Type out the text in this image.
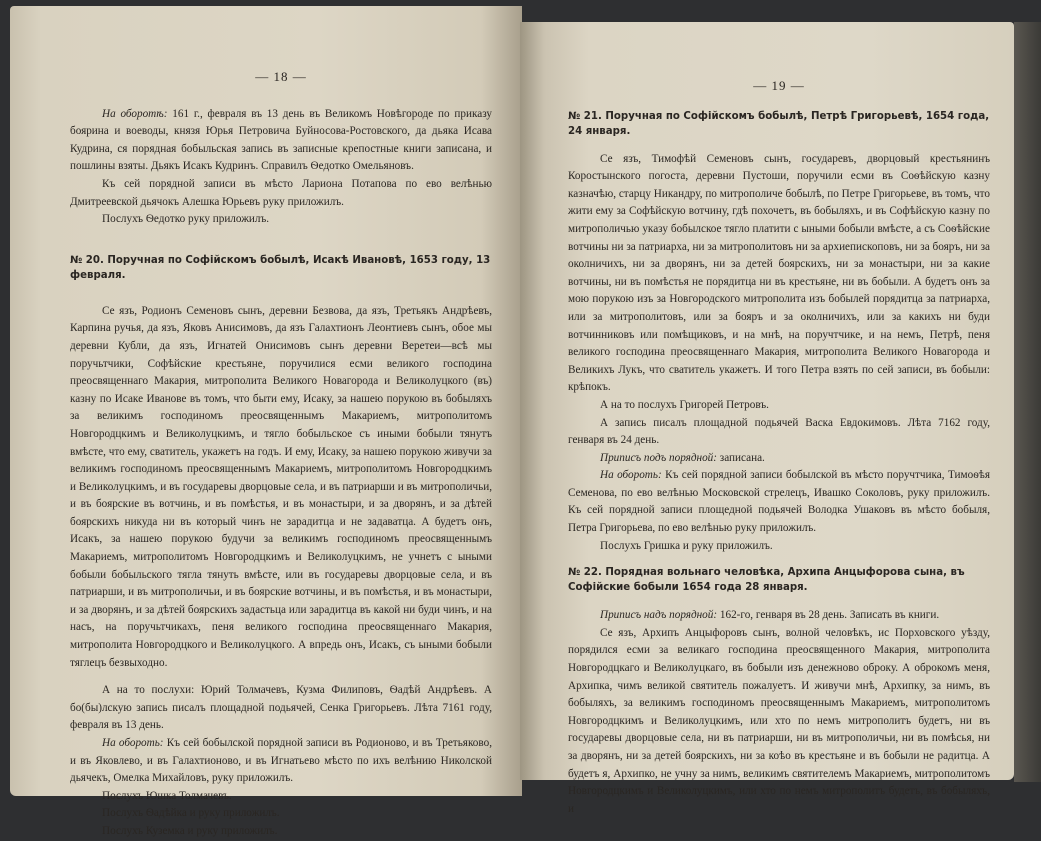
— 18 —

На оборотѣ: 161 г., февраля въ 13 день въ Великомъ Новѣгороде по приказу боярина и воеводы, князя Юрья Петровича Буйносова-Ростовского, да дьяка Исава Кудрина, ся порядная бобыльская запись въ записные крепостные книги записана, и пошлины взяты. Дьякъ Исакъ Кудринъ. Справилъ Ѳедотко Омельяновъ.

Къ сей порядной записи въ мѣсто Лариона Потапова по ево велѣнью Дмитреевской дьячокъ Алешка Юрьевъ руку приложилъ.

Послухъ Ѳедотко руку приложилъ.

№ 20. Поручная по Софійскомъ бобылѣ, Исакѣ Ивановѣ, 1653 году, 13 февраля.

Се язъ, Родионъ Семеновъ сынъ, деревни Безвова, да язъ, Третьякъ Андрѣевъ, Карпина ручья, да язъ, Яковъ Анисимовъ, да язъ Галахтионъ Леонтиевъ сынъ, обое мы деревни Кубли, да язъ, Игнатей Онисимовъ сынъ деревни Веретеи—всѣ мы поручьтчики, Софѣйские крестьяне, поручилися есми великого господина преосвященнаго Макария, митрополита Великого Новагорода и Великолуцкого (въ) казну по Исаке Иванове въ томъ, что быти ему, Исаку, за нашею порукою въ бобыляхъ за великимъ господиномъ преосвященнымъ Макариемъ, митрополитомъ Новгородцкимъ и Великолуцкимъ, и тягло бобыльское съ иными бобыли тянутъ вмѣсте, что ему, сватитель, укажетъ на годъ. И ему, Исаку, за нашею порукою живучи за великимъ господиномъ преосвященнымъ Макариемъ, митрополитомъ Новгородцкимъ и Великолуцкимъ, и въ государевы дворцовые села, и въ патриарши и въ митрополичьи, и въ боярские въ вотчинь, и въ помѣстья, и въ монастыри, и за дворянъ, и за дѣтей боярскихъ никуда ни въ который чинъ не зарадитца и не задаватца. А будетъ онъ, Исакъ, за нашею порукою будучи за великимъ господиномъ преосвященнымъ Макариемъ, митрополитомъ Новгородцкимъ и Великолуцкимъ, не учнетъ с ыными бобыли бобыльского тягла тянуть вмѣсте, или въ государевы дворцовые села, и въ патриарши, и въ митрополичьи, и въ боярские вотчины, и въ помѣстья, и въ монастыри, и за дворянъ, и за дѣтей боярскихъ задастьца или зарадитца въ какой ни буди чинъ, и на насъ, на поручьтчикахъ, пеня великого господина преосвященнаго Макария, митрополита Новгородцкого и Великолуцкого. А впредь онъ, Исакъ, съ ыными бобыли тяглецъ безвыходно.

А на то послухи: Юрий Толмачевъ, Кузма Филиповъ, Ѳадѣй Андрѣевъ. А бо(бы)лскую запись писалъ площадной подьячей, Сенка Григорьевъ. Лѣта 7161 году, февраля въ 13 день.

На обороть: Къ сей бобылской порядной записи въ Родионово, и въ Третьяково, и въ Яковлево, и въ Галахтионово, и въ Игнатьево мѣсто по ихъ велѣнию Николской дьячекъ, Омелка Михайловъ, руку приложилъ.

Послухъ Юшка Толмачевъ.

Послухъ Ѳадѣйка и руку приложилъ.

Послухъ Куземка и руку приложилъ.

— 19 —
№ 21. Поручная по Софійскомъ бобылѣ, Петрѣ Григорьевѣ, 1654 года, 24 января.

Се язъ, Тимофѣй Семеновъ сынъ, государевъ, дворцовый крестьянинъ Коростынского погоста, деревни Пустоши, поручили есми въ Соѳѣйскую казну казначѣю, старцу Никандру, по митрополиче бобылѣ, по Петре Григорьеве, въ томъ, что жити ему за Софѣйскую вотчину, гдѣ похочетъ, въ бобыляхъ, и въ Софѣйскую казну по митрополичью указу бобылское тягло платити с ыными бобыли вмѣсте, а съ Соѳѣйские вотчины ни за патриарха, ни за митрополитовъ ни за архиепископовъ, ни за бояръ, ни за околничихъ, ни за дворянъ, ни за детей боярскихъ, ни за монастыри, ни за какие вотчины, ни въ помѣстья не порядитца ни въ крестьяне, ни въ бобыли. А будетъ онъ за мою порукою изъ за Новгородского митрополита изъ бобылей порядитца за патриарха, или за митрополитовъ, или за бояръ и за околничихъ, или за какихъ ни буди вотчинниковъ или помѣщиковъ, и на мнѣ, на поручтчике, и на немъ, Петрѣ, пеня великого господина преосвященнаго Макария, митрополита Великого Новагорода и Великихъ Лукъ, что сватитель укажетъ. И того Петра взять по сей записи, въ бобыли: крѣпокъ.

А на то послухъ Григорей Петровъ.

А запись писалъ площадной подьячей Васка Евдокимовъ. Лѣта 7162 году, генваря въ 24 день.

Приписъ подъ порядной: записана.

На обороть: Къ сей порядной записи бобылской въ мѣсто поручтчика, Тимоѳѣя Семенова, по ево велѣнью Московской стрелецъ, Ивашко Соколовъ, руку приложилъ. Къ сей порядной записи площедной подьячей Володка Ушаковъ въ мѣсто бобыля, Петра Григорьева, по ево велѣнью руку приложилъ.

Послухъ Гришка и руку приложилъ.

№ 22. Порядная вольнаго человѣка, Архипа Анцыфорова сына, въ Софійские бобыли 1654 года 28 января.

Приписъ надъ порядной: 162-го, генваря въ 28 день. Записать въ книги.

Се язъ, Архипъ Анцыфоровъ сынъ, волной человѣкъ, ис Порховского уѣзду, порядился есми за великаго господина преосвященного Макария, митрополита Новгородцкаго и Великолуцкаго, въ бобыли изъ денежново оброку. А оброкомъ меня, Архипка, чимъ великой святитель пожалуетъ. И живучи мнѣ, Архипку, за нимъ, въ бобыляхъ, за великимъ господиномъ преосвященнымъ Макариемъ, митрополитомъ Новгородцкимъ и Великолуцкимъ, или хто по немъ митрополитъ будетъ, ни въ государевы дворцовые села, ни въ патриарши, ни въ митрополичьи, ни въ помѣсья, ни за дворянъ, ни за детей боярскихъ, ни за коѣо въ крестьяне и въ бобыли не радитца. А будетъ я, Архипко, не учну за нимъ, великимъ святителемъ Макариемъ, митрополитомъ Новгородцкимъ и Великолуцкимъ, или хто по немъ митрополитъ будетъ, въ бобыляхъ, и
